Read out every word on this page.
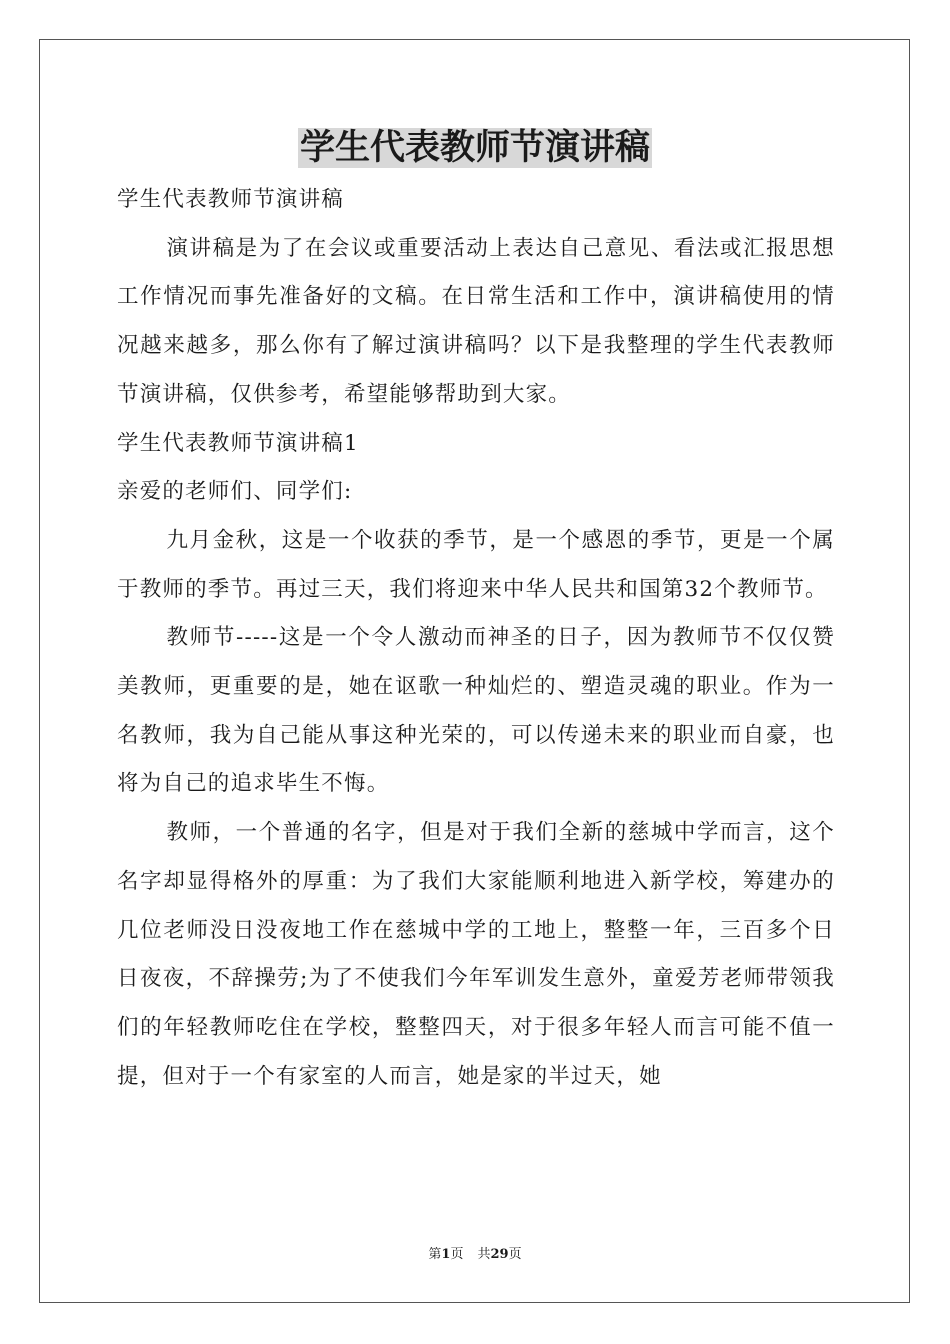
学生代表教师节演讲稿

学生代表教师节演讲稿

演讲稿是为了在会议或重要活动上表达自己意见、看法或汇报思想工作情况而事先准备好的文稿。在日常生活和工作中，演讲稿使用的情况越来越多，那么你有了解过演讲稿吗？以下是我整理的学生代表教师节演讲稿，仅供参考，希望能够帮助到大家。

学生代表教师节演讲稿1

亲爱的老师们、同学们:

九月金秋，这是一个收获的季节，是一个感恩的季节，更是一个属于教师的季节。再过三天，我们将迎来中华人民共和国第32个教师节。

教师节-----这是一个令人激动而神圣的日子，因为教师节不仅仅赞美教师，更重要的是，她在讴歌一种灿烂的、塑造灵魂的职业。作为一名教师，我为自己能从事这种光荣的，可以传递未来的职业而自豪，也将为自己的追求毕生不悔。

教师，一个普通的名字，但是对于我们全新的慈城中学而言，这个名字却显得格外的厚重：为了我们大家能顺利地进入新学校，筹建办的几位老师没日没夜地工作在慈城中学的工地上，整整一年，三百多个日日夜夜，不辞操劳;为了不使我们今年军训发生意外，童爱芳老师带领我们的年轻教师吃住在学校，整整四天，对于很多年轻人而言可能不值一提，但对于一个有家室的人而言，她是家的半过天，她

第1页 共29页
